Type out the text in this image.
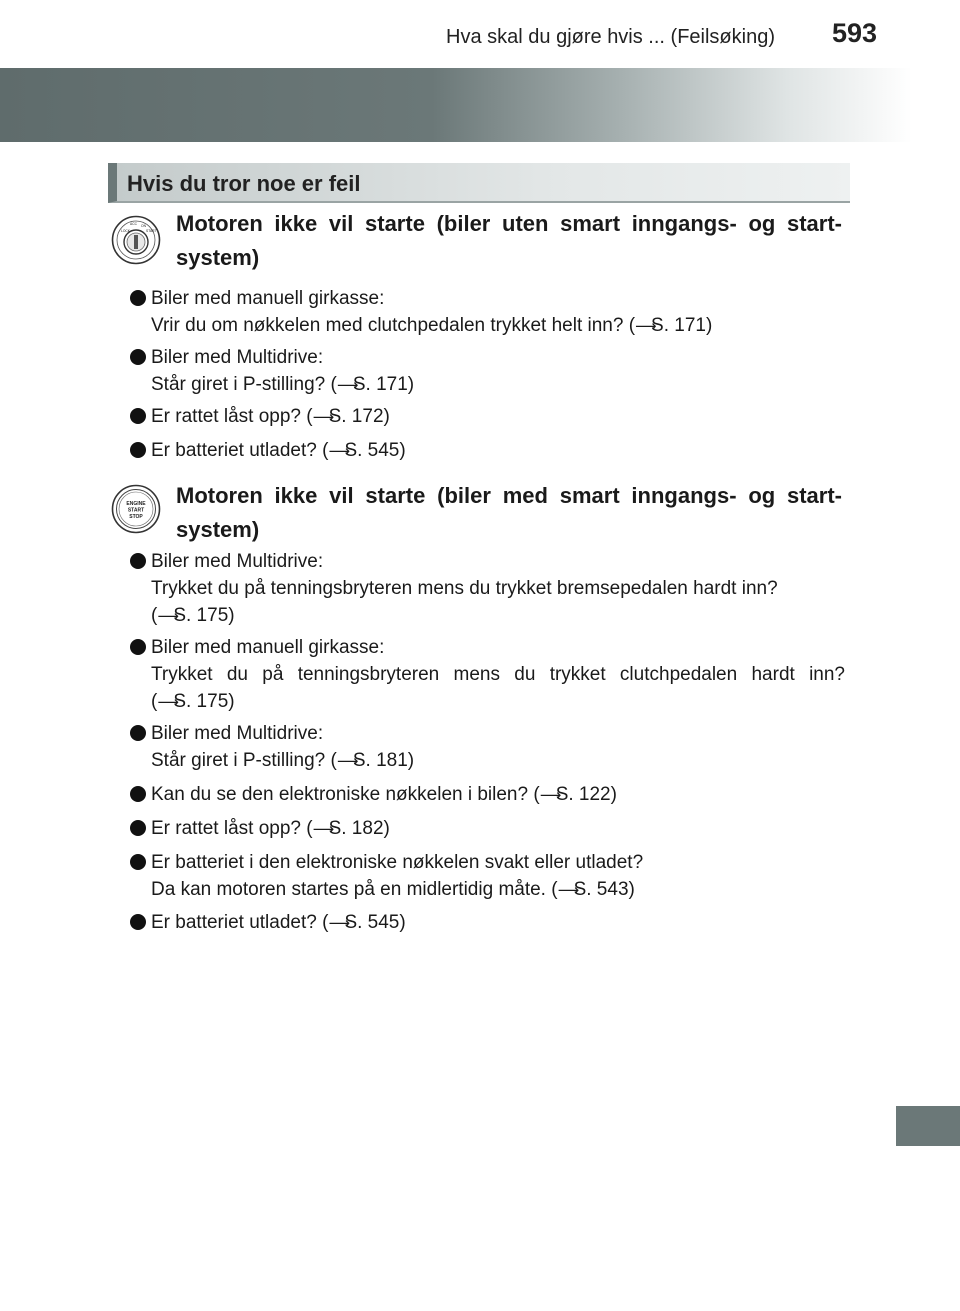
Hva skal du gjøre hvis ... (Feilsøking) 593
Hvis du tror noe er feil
LOCK
ACC ON
START Motoren ikke vil starte (biler uten smart inngangs- og start-
system)
Biler med manuell girkasse:
Vrir du om nøkkelen med clutchpedalen trykket helt inn? (⟶S. 171)
Biler med Multidrive:
Står giret i P-stilling? (⟶S. 171)
Er rattet låst opp? (⟶S. 172)
Er batteriet utladet? (⟶S. 545)
ENGINE
START
STOP
Motoren ikke vil starte (biler med smart inngangs- og start-
system)
Biler med Multidrive:
Trykket du på tenningsbryteren mens du trykket bremsepedalen hardt inn?
(⟶S. 175)
Biler med manuell girkasse:
Trykket du på tenningsbryteren mens du trykket clutchpedalen hardt inn?
(⟶S. 175)
Biler med Multidrive:
Står giret i P-stilling? (⟶S. 181)
Kan du se den elektroniske nøkkelen i bilen? (⟶S. 122)
Er rattet låst opp? (⟶S. 182)
Er batteriet i den elektroniske nøkkelen svakt eller utladet?
Da kan motoren startes på en midlertidig måte. (⟶S. 543)
Er batteriet utladet? (⟶S. 545)
